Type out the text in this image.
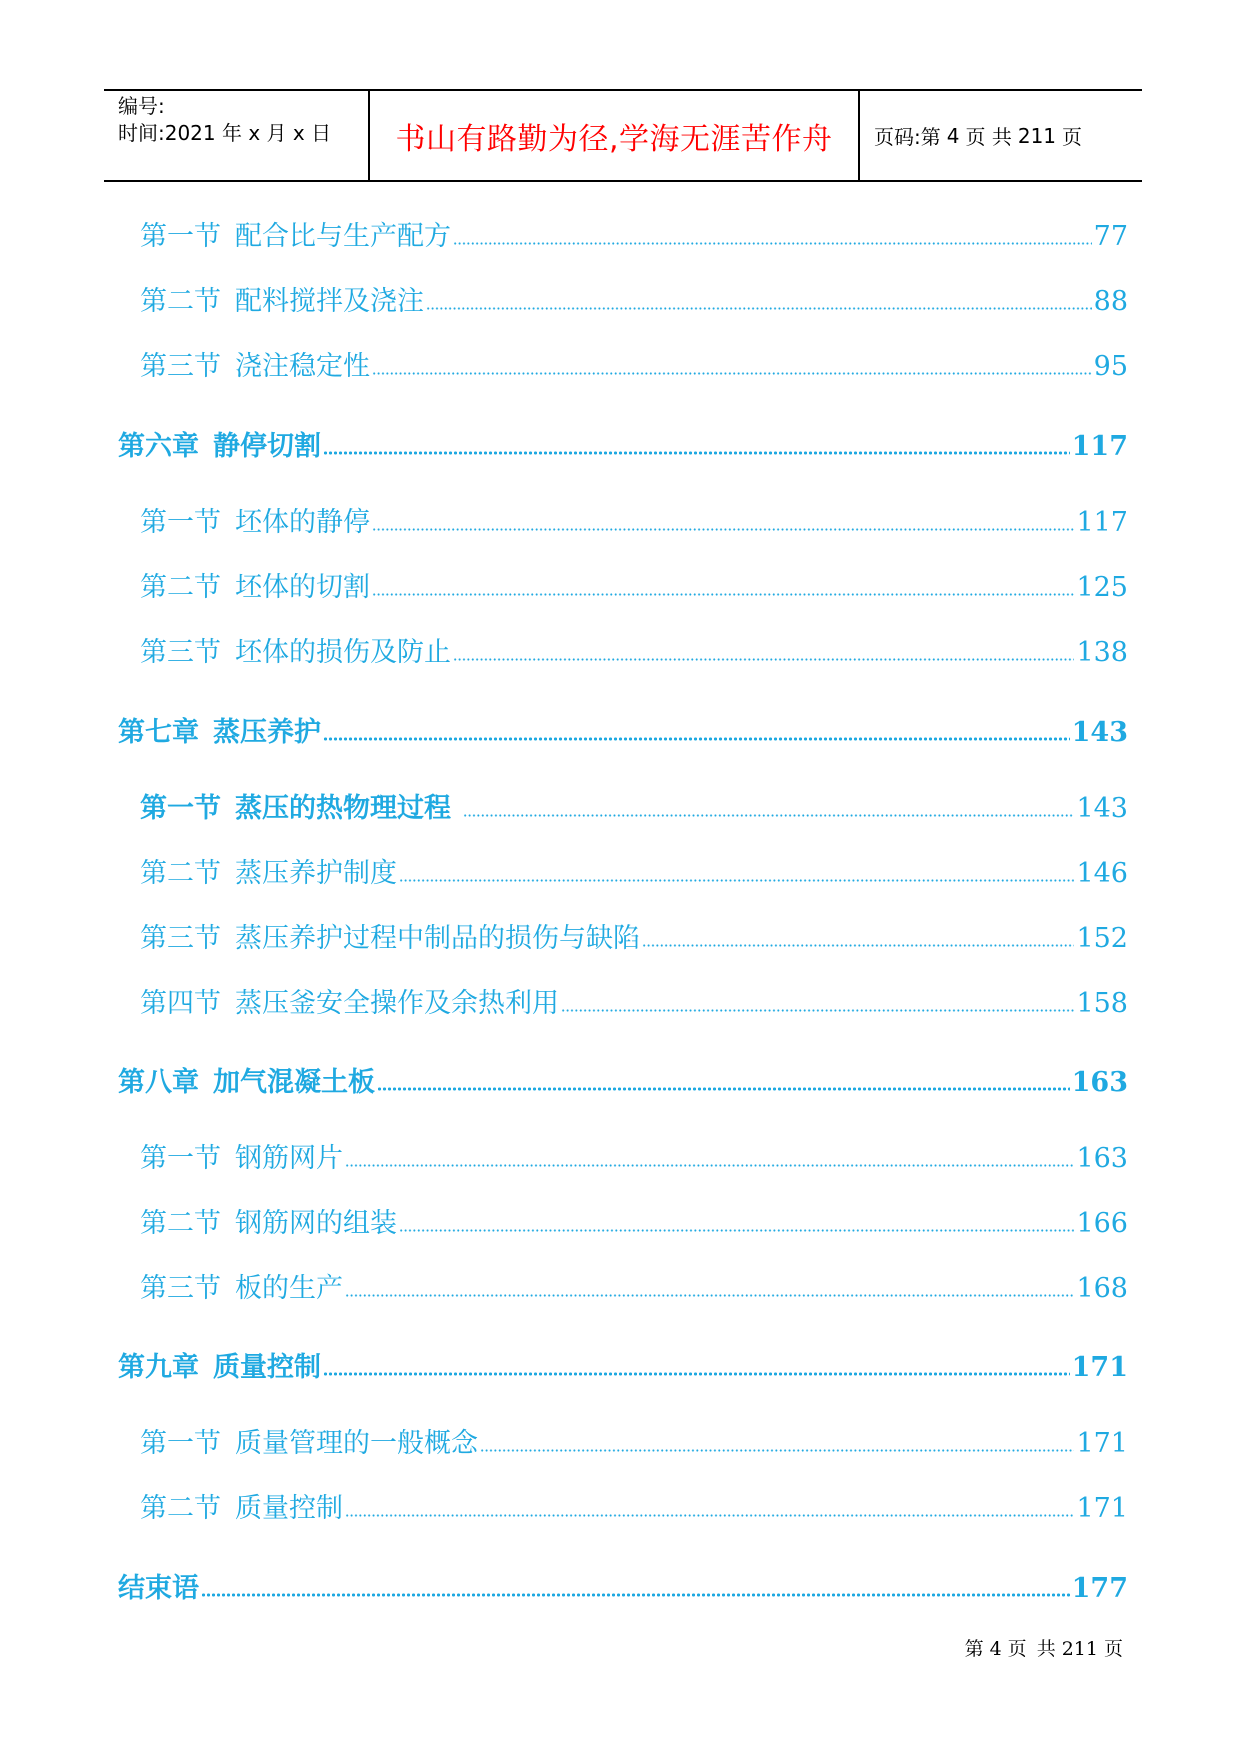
编号:
时间:2021 年 x 月 x 日	书山有路勤为径,学海无涯苦作舟 页码:第 4 页 共 211 页
第一节 配合比与生产配方	77
第二节 配料搅拌及浇注	88
第三节 浇注稳定性	95
第六章 静停切割	117
第一节 坯体的静停	117
第二节 坯体的切割	125
第三节 坯体的损伤及防止	138
第七章 蒸压养护	143
第一节 蒸压的热物理过程	143
第二节 蒸压养护制度	146
第三节 蒸压养护过程中制品的损伤与缺陷	152
第四节 蒸压釜安全操作及余热利用	158
第八章 加气混凝土板	163
第一节 钢筋网片	163
第二节 钢筋网的组装	166
第三节 板的生产	168
第九章 质量控制	171
第一节 质量管理的一般概念	171
第二节 质量控制	171
结束语	177
第 4 页 共 211 页
